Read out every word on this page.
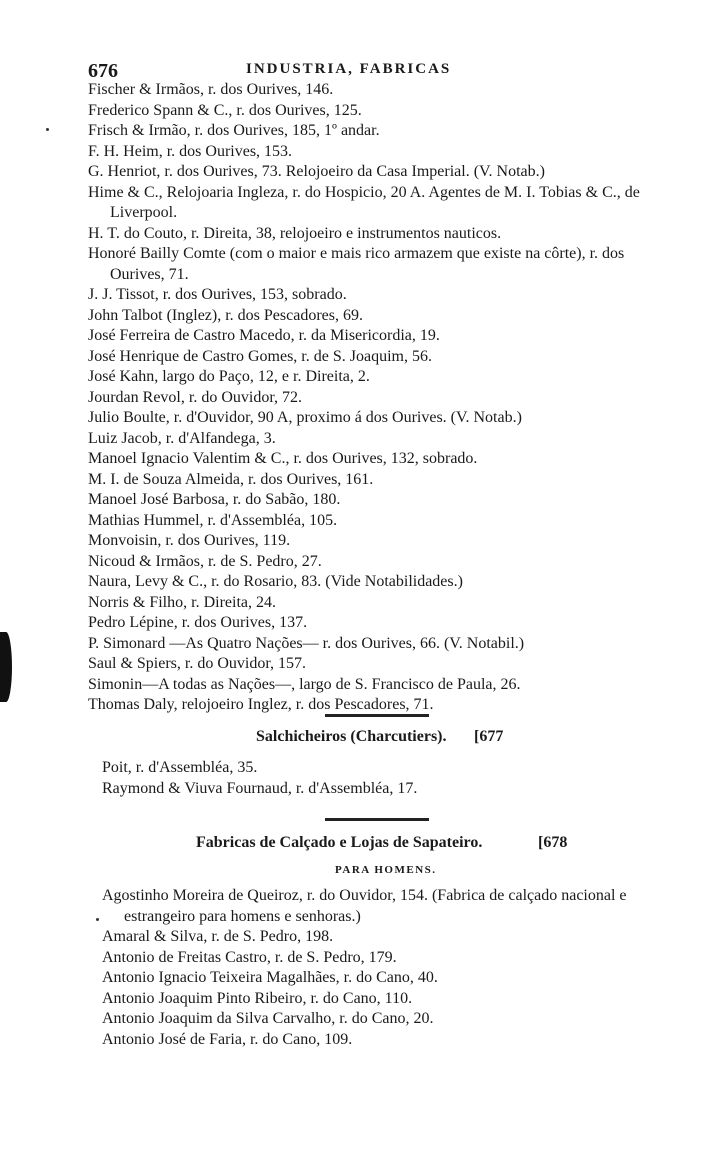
676	INDUSTRIA, FABRICAS
Fischer & Irmãos, r. dos Ourives, 146.
Frederico Spann & C., r. dos Ourives, 125.
Frisch & Irmão, r. dos Ourives, 185, 1º andar.
F. H. Heim, r. dos Ourives, 153.
G. Henriot, r. dos Ourives, 73. Relojoeiro da Casa Imperial. (V. Notab.)
Hime & C., Relojoaria Ingleza, r. do Hospicio, 20 A. Agentes de M. I. Tobias & C., de Liverpool.
H. T. do Couto, r. Direita, 38, relojoeiro e instrumentos nauticos.
Honoré Bailly Comte (com o maior e mais rico armazem que existe na côrte), r. dos Ourives, 71.
J. J. Tissot, r. dos Ourives, 153, sobrado.
John Talbot (Inglez), r. dos Pescadores, 69.
José Ferreira de Castro Macedo, r. da Misericordia, 19.
José Henrique de Castro Gomes, r. de S. Joaquim, 56.
José Kahn, largo do Paço, 12, e r. Direita, 2.
Jourdan Revol, r. do Ouvidor, 72.
Julio Boulte, r. d'Ouvidor, 90 A, proximo á dos Ourives. (V. Notab.)
Luiz Jacob, r. d'Alfandega, 3.
Manoel Ignacio Valentim & C., r. dos Ourives, 132, sobrado.
M. I. de Souza Almeida, r. dos Ourives, 161.
Manoel José Barbosa, r. do Sabão, 180.
Mathias Hummel, r. d'Assembléa, 105.
Monvoisin, r. dos Ourives, 119.
Nicoud & Irmãos, r. de S. Pedro, 27.
Naura, Levy & C., r. do Rosario, 83. (Vide Notabilidades.)
Norris & Filho, r. Direita, 24.
Pedro Lépine, r. dos Ourives, 137.
P. Simonard —As Quatro Nações— r. dos Ourives, 66. (V. Notabil.)
Saul & Spiers, r. do Ouvidor, 157.
Simonin—A todas as Nações—, largo de S. Francisco de Paula, 26.
Thomas Daly, relojoeiro Inglez, r. dos Pescadores, 71.
Salchicheiros (Charcutiers). [677
Poit, r. d'Assembléa, 35.
Raymond & Viuva Fournaud, r. d'Assembléa, 17.
Fabricas de Calçado e Lojas de Sapateiro.	[678
PARA HOMENS.
Agostinho Moreira de Queiroz, r. do Ouvidor, 154. (Fabrica de calçado nacional e estrangeiro para homens e senhoras.)
Amaral & Silva, r. de S. Pedro, 198.
Antonio de Freitas Castro, r. de S. Pedro, 179.
Antonio Ignacio Teixeira Magalhães, r. do Cano, 40.
Antonio Joaquim Pinto Ribeiro, r. do Cano, 110.
Antonio Joaquim da Silva Carvalho, r. do Cano, 20.
Antonio José de Faria, r. do Cano, 109.
